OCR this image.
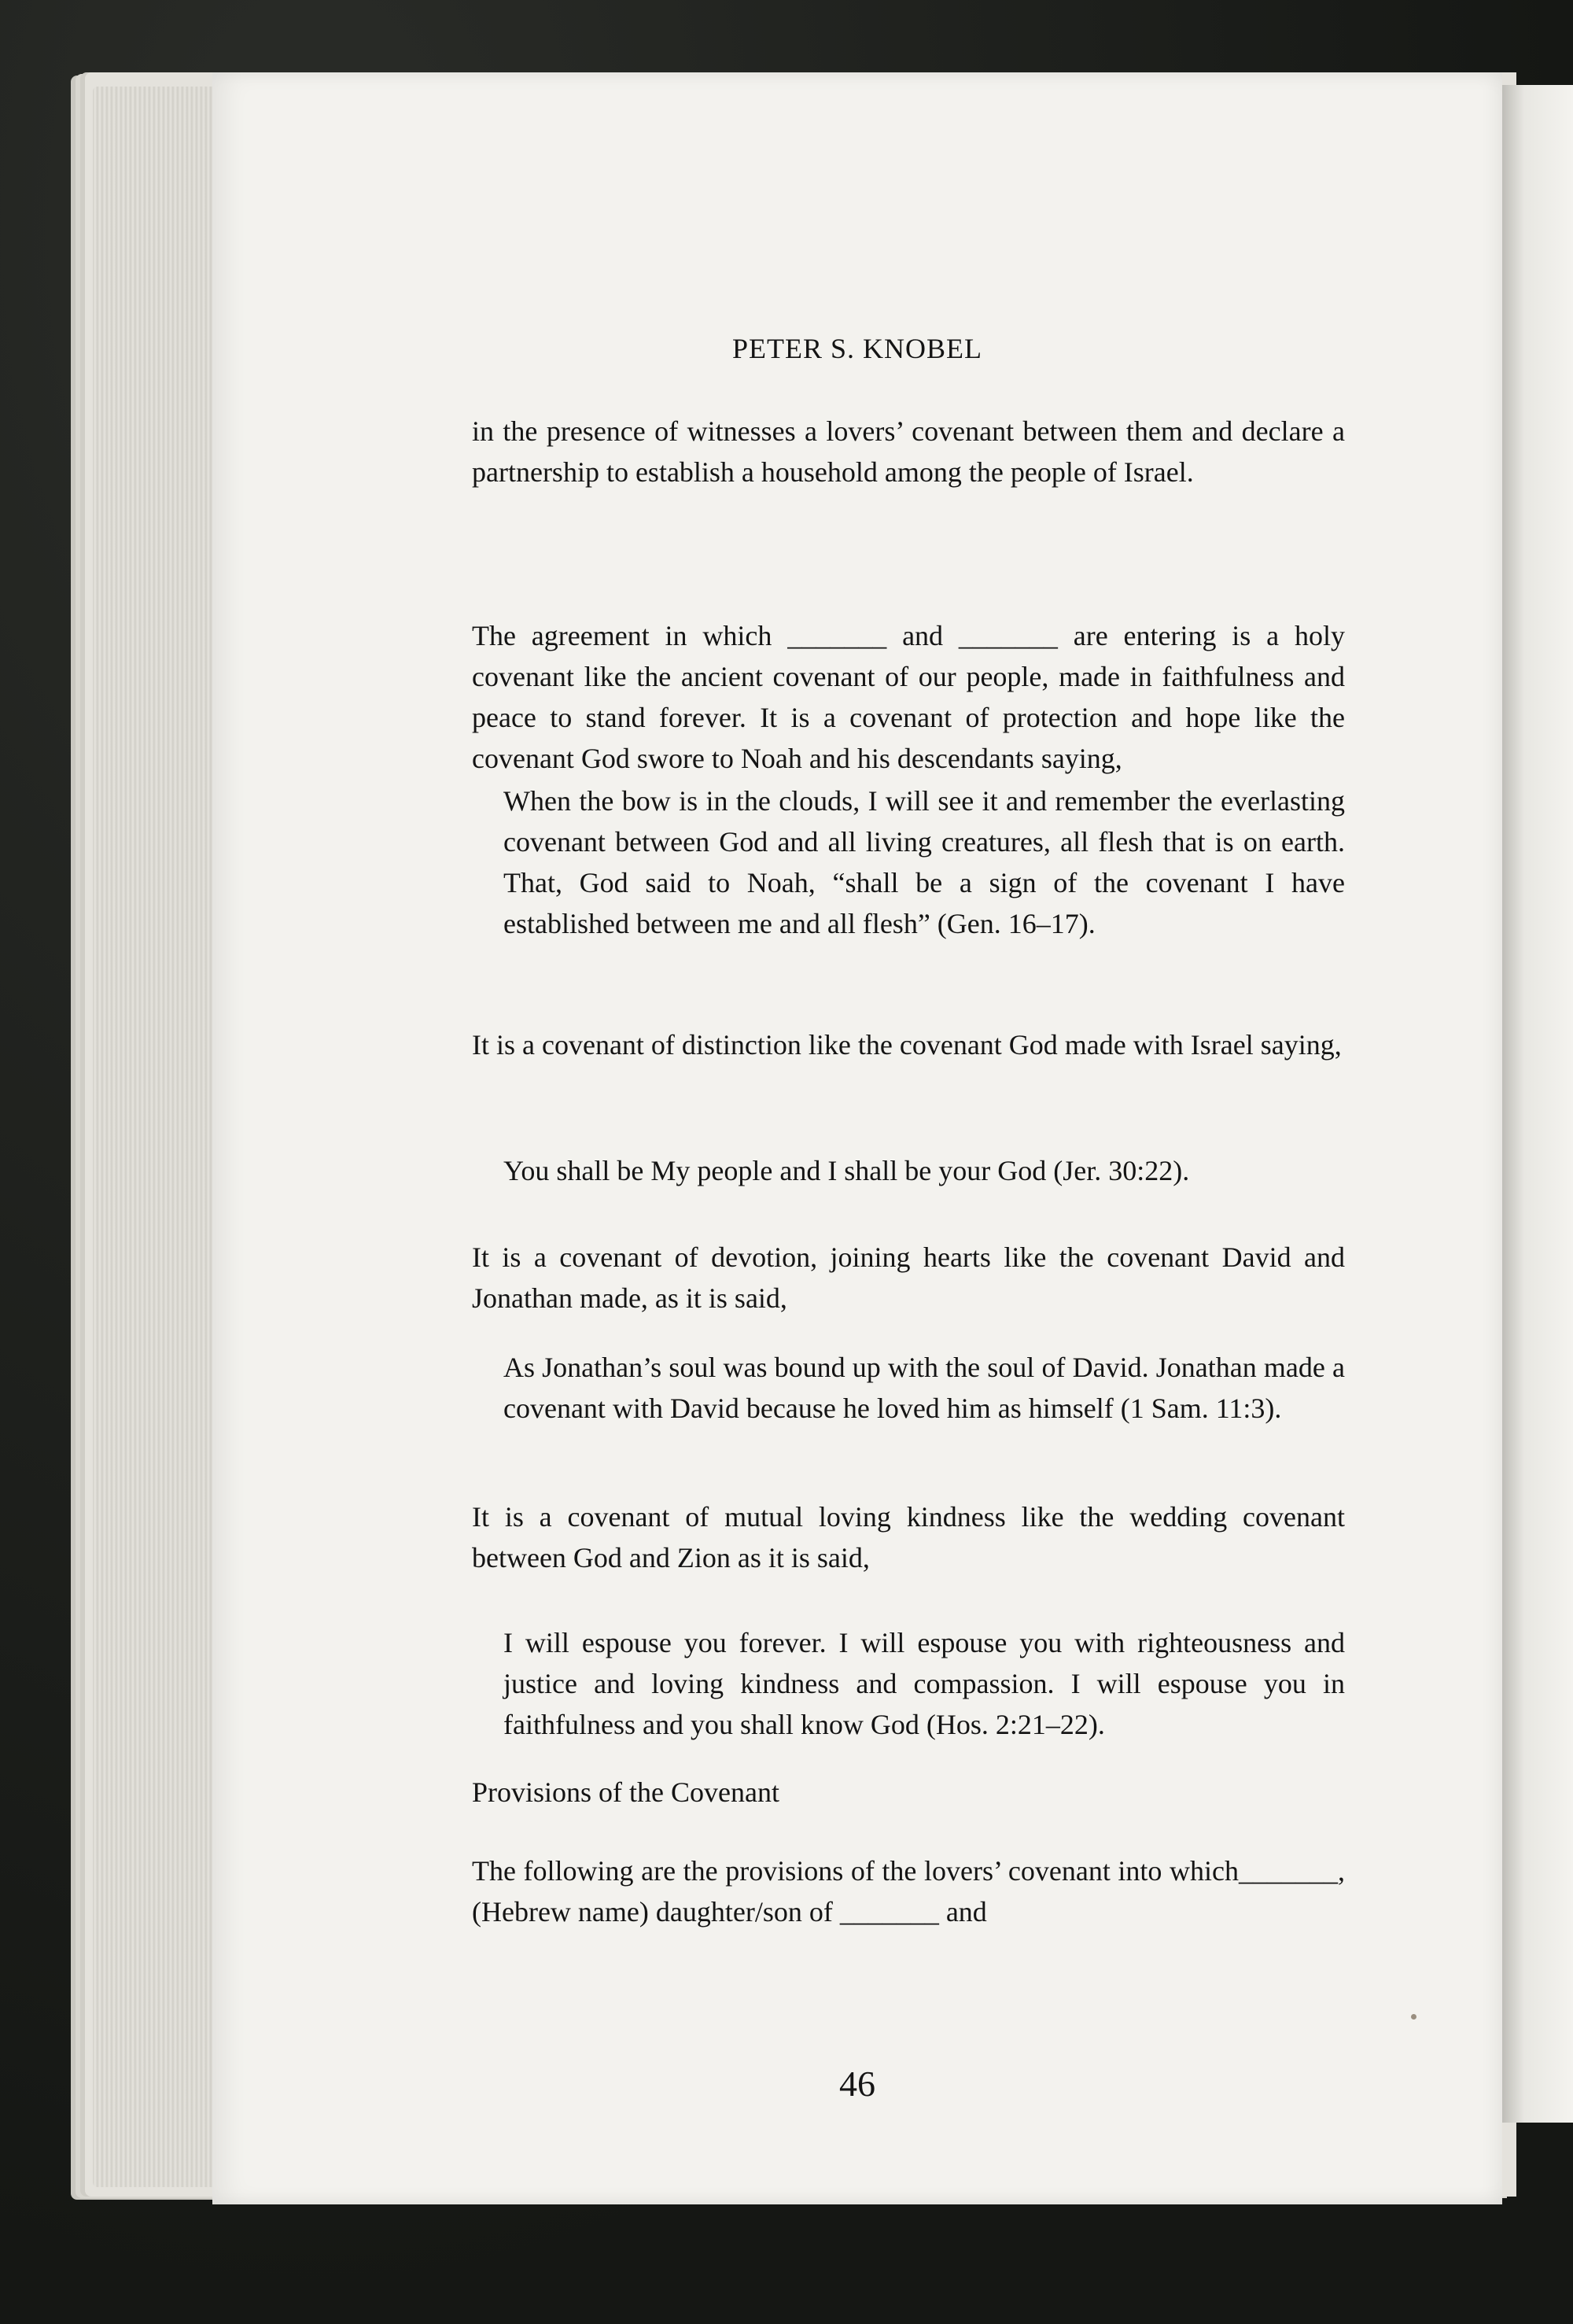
PETER S. KNOBEL
in the presence of witnesses a lovers’ covenant between them and declare a partnership to establish a household among the people of Israel.
The agreement in which _______ and _______ are entering is a holy covenant like the ancient covenant of our people, made in faithfulness and peace to stand forever. It is a covenant of protection and hope like the covenant God swore to Noah and his descendants saying,
When the bow is in the clouds, I will see it and remember the everlasting covenant between God and all living creatures, all flesh that is on earth. That, God said to Noah, “shall be a sign of the covenant I have established between me and all flesh” (Gen. 16–17).
It is a covenant of distinction like the covenant God made with Israel saying,
You shall be My people and I shall be your God (Jer. 30:22).
It is a covenant of devotion, joining hearts like the covenant David and Jonathan made, as it is said,
As Jonathan’s soul was bound up with the soul of David. Jonathan made a covenant with David because he loved him as himself (1 Sam. 11:3).
It is a covenant of mutual loving kindness like the wedding covenant between God and Zion as it is said,
I will espouse you forever. I will espouse you with righteousness and justice and loving kindness and compassion. I will espouse you in faithfulness and you shall know God (Hos. 2:21–22).
Provisions of the Covenant
The following are the provisions of the lovers’ covenant into which_______, (Hebrew name) daughter/son of _______ and
46
